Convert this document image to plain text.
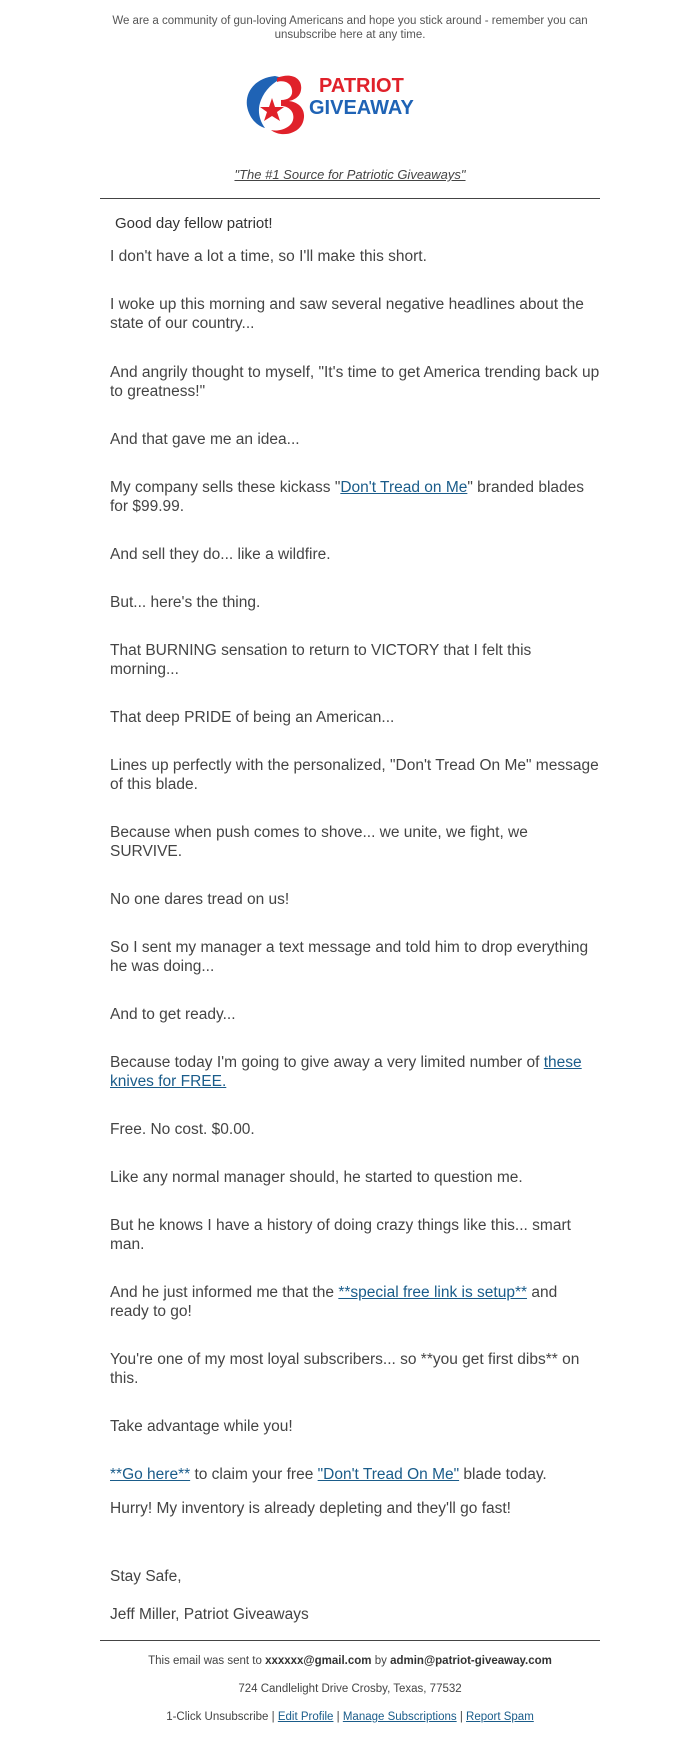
We are a community of gun-loving Americans and hope you stick around - remember you can unsubscribe here at any time.
PATRIOT
GIVEAWAY
"The #1 Source for Patriotic Giveaways"
Good day fellow patriot!
I don't have a lot a time, so I'll make this short.
I woke up this morning and saw several negative headlines about the state of our country...
And angrily thought to myself, "It's time to get America trending back up to greatness!"
And that gave me an idea...
My company sells these kickass "Don't Tread on Me" branded blades for $99.99.
And sell they do... like a wildfire.
But... here's the thing.
That BURNING sensation to return to VICTORY that I felt this morning...
That deep PRIDE of being an American...
Lines up perfectly with the personalized, "Don't Tread On Me" message of this blade.
Because when push comes to shove... we unite, we fight, we SURVIVE.
No one dares tread on us!
So I sent my manager a text message and told him to drop everything he was doing...
And to get ready...
Because today I'm going to give away a very limited number of these knives for FREE.
Free. No cost. $0.00.
Like any normal manager should, he started to question me.
But he knows I have a history of doing crazy things like this... smart man.
And he just informed me that the **special free link is setup** and ready to go!
You're one of my most loyal subscribers... so **you get first dibs** on this.
Take advantage while you!
**Go here** to claim your free "Don't Tread On Me" blade today.
Hurry! My inventory is already depleting and they'll go fast!
Stay Safe,
Jeff Miller, Patriot Giveaways
This email was sent to xxxxxx@gmail.com by admin@patriot-giveaway.com
724 Candlelight Drive Crosby, Texas, 77532
1-Click Unsubscribe | Edit Profile | Manage Subscriptions | Report Spam
